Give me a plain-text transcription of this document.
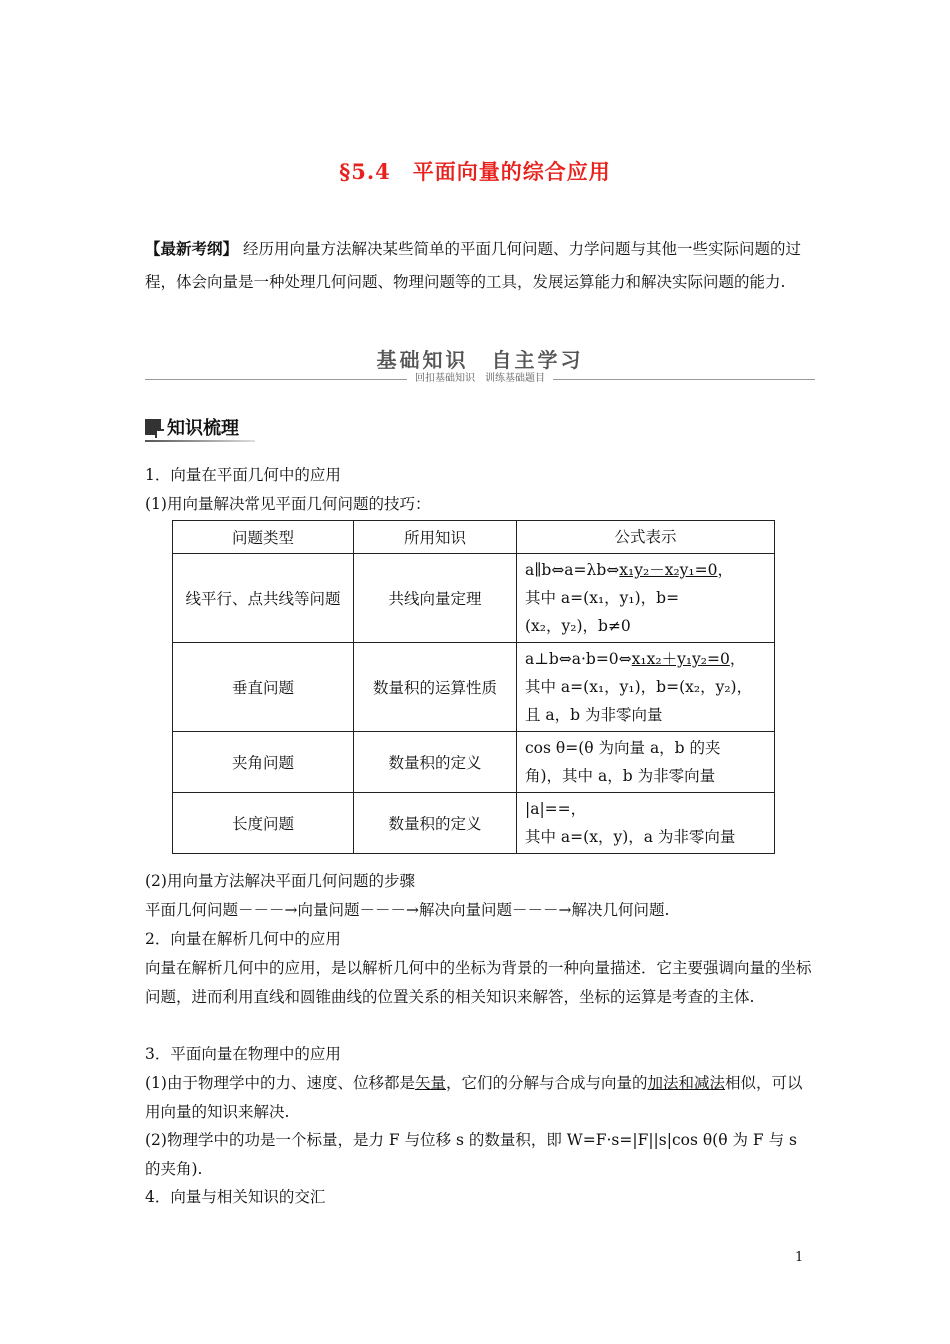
§5.4　平面向量的综合应用
【最新考纲】 经历用向量方法解决某些简单的平面几何问题、力学问题与其他一些实际问题的过程，体会向量是一种处理几何问题、物理问题等的工具，发展运算能力和解决实际问题的能力.
基础知识　自主学习
回扣基础知识　训练基础题目
知识梳理
1．向量在平面几何中的应用
(1)用向量解决常见平面几何问题的技巧：
问题类型	所用知识	公式表示
线平行、点共线等问题	共线向量定理	a∥b⇔a=λb⇔x₁y₂－x₂y₁=0，
其中 a=(x₁，y₁)，b=
(x₂，y₂)，b≠0

垂直问题	数量积的运算性质	a⊥b⇔a·b=0⇔x₁x₂＋y₁y₂=0，
其中 a=(x₁，y₁)，b=(x₂，y₂)，
且 a，b 为非零向量

夹角问题	数量积的定义	cos θ=(θ 为向量 a，b 的夹
角)，其中 a，b 为非零向量

长度问题	数量积的定义	|a|==，
其中 a=(x，y)，a 为非零向量
(2)用向量方法解决平面几何问题的步骤
平面几何问题－－－→向量问题－－－→解决向量问题－－－→解决几何问题.
2．向量在解析几何中的应用
向量在解析几何中的应用，是以解析几何中的坐标为背景的一种向量描述．它主要强调向量的坐标问题，进而利用直线和圆锥曲线的位置关系的相关知识来解答，坐标的运算是考查的主体.
3．平面向量在物理中的应用
(1)由于物理学中的力、速度、位移都是矢量，它们的分解与合成与向量的加法和减法相似，可以用向量的知识来解决.
(2)物理学中的功是一个标量，是力 F 与位移 s 的数量积，即 W=F·s=|F||s|cos θ(θ 为 F 与 s 的夹角).
4．向量与相关知识的交汇
1
